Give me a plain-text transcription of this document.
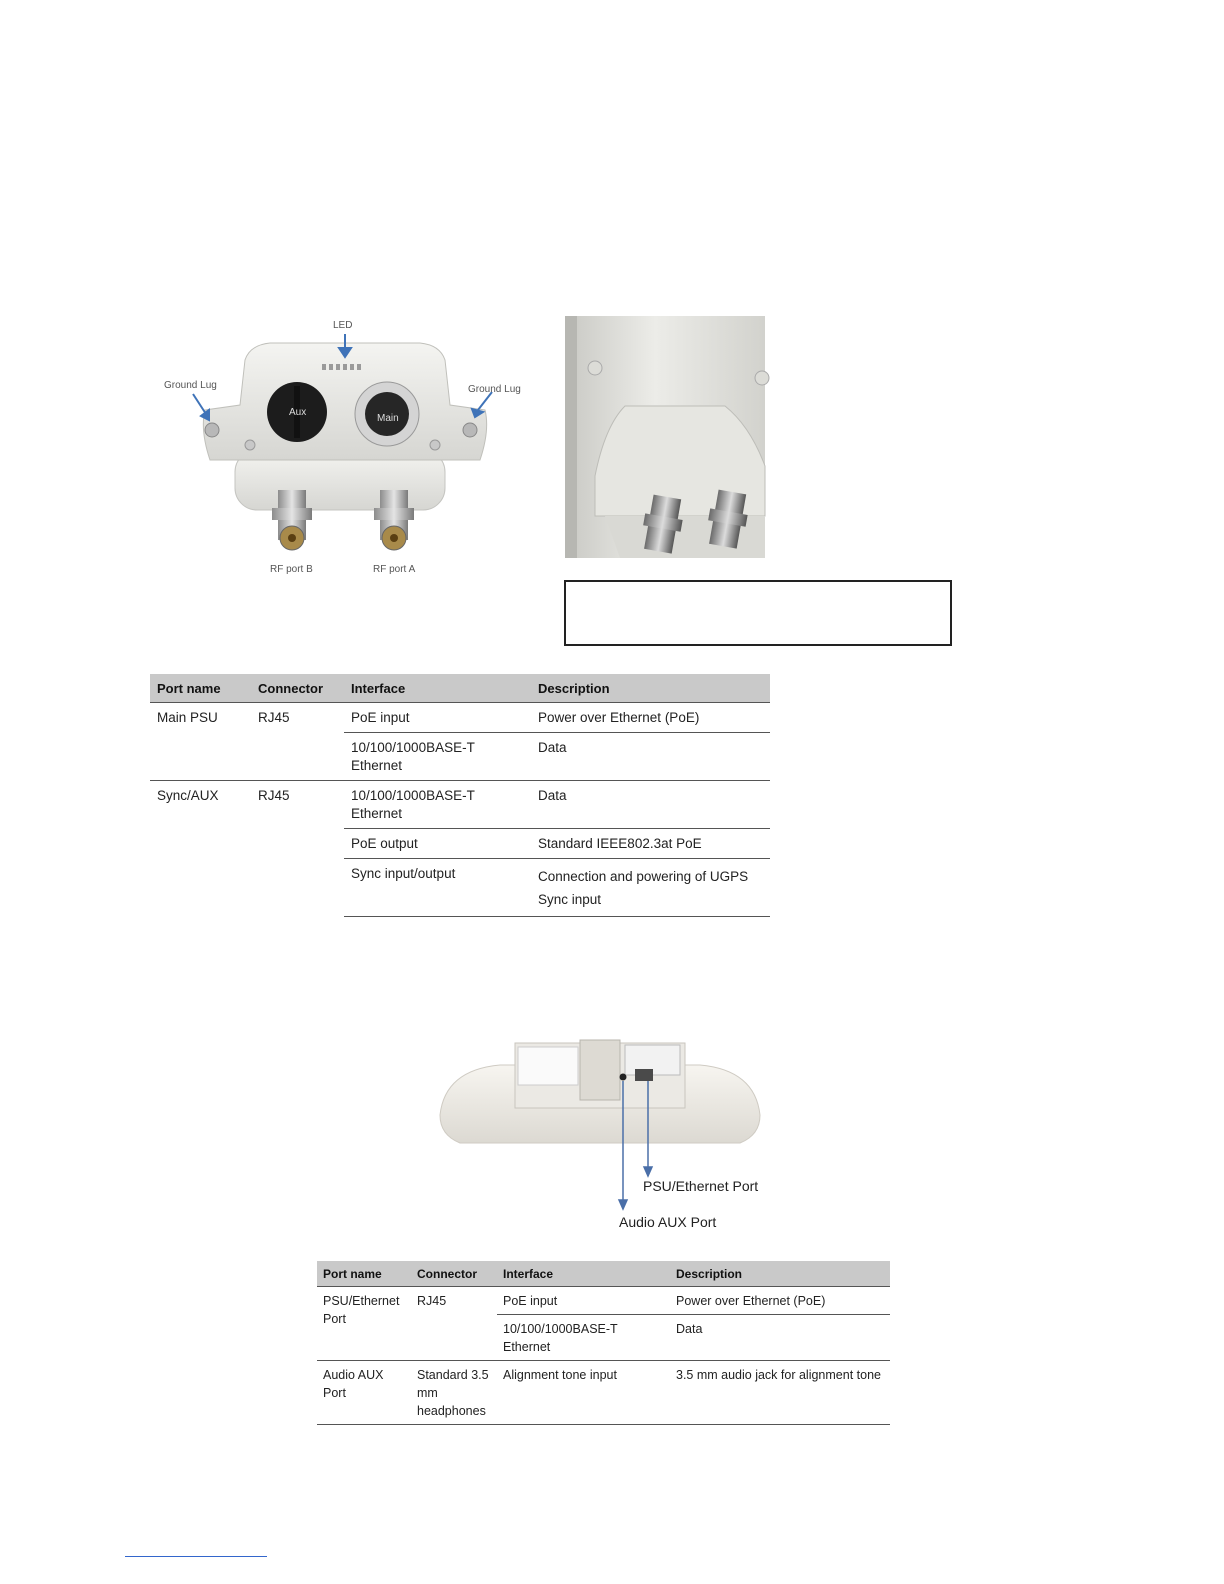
LED
Ground Lug	Ground Lug
Aux
Main
RF port B	RF port A
Port name	Connector	Interface	Description
Main PSU	RJ45	PoE input	Power over Ethernet (PoE)
		10/100/1000BASE-T Ethernet	Data
Sync/AUX	RJ45	10/100/1000BASE-T Ethernet	Data
		PoE output	Standard IEEE802.3at PoE
		Sync input/output	Connection and powering of UGPS Sync input
PSU/Ethernet Port
Audio AUX Port
Port name	Connector	Interface	Description
PSU/Ethernet Port	RJ45	PoE input	Power over Ethernet (PoE)
		10/100/1000BASE-T Ethernet	Data
Audio AUX Port	Standard 3.5 mm headphones	Alignment tone input	3.5 mm audio jack for alignment tone
